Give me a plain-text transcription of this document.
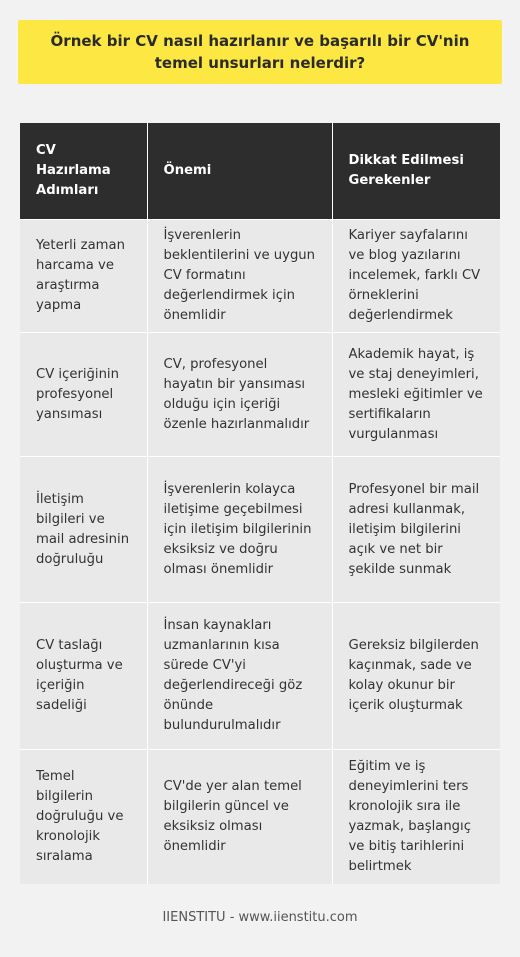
Örnek bir CV nasıl hazırlanır ve başarılı bir CV'nin temel unsurları nelerdir?
CV Hazırlama Adımları	Önemi	Dikkat Edilmesi Gerekenler
Yeterli zaman harcama ve araştırma yapma	İşverenlerin beklentilerini ve uygun CV formatını değerlendirmek için önemlidir	Kariyer sayfalarını ve blog yazılarını incelemek, farklı CV örneklerini değerlendirmek
CV içeriğinin profesyonel yansıması	CV, profesyonel hayatın bir yansıması olduğu için içeriği özenle hazırlanmalıdır	Akademik hayat, iş ve staj deneyimleri, mesleki eğitimler ve sertifikaların vurgulanması
İletişim bilgileri ve mail adresinin doğruluğu	İşverenlerin kolayca iletişime geçebilmesi için iletişim bilgilerinin eksiksiz ve doğru olması önemlidir	Profesyonel bir mail adresi kullanmak, iletişim bilgilerini açık ve net bir şekilde sunmak
CV taslağı oluşturma ve içeriğin sadeliği	İnsan kaynakları uzmanlarının kısa sürede CV'yi değerlendireceği göz önünde bulundurulmalıdır	Gereksiz bilgilerden kaçınmak, sade ve kolay okunur bir içerik oluşturmak
Temel bilgilerin doğruluğu ve kronolojik sıralama	CV'de yer alan temel bilgilerin güncel ve eksiksiz olması önemlidir	Eğitim ve iş deneyimlerini ters kronolojik sıra ile yazmak, başlangıç ve bitiş tarihlerini belirtmek
IIENSTITU - www.iienstitu.com
